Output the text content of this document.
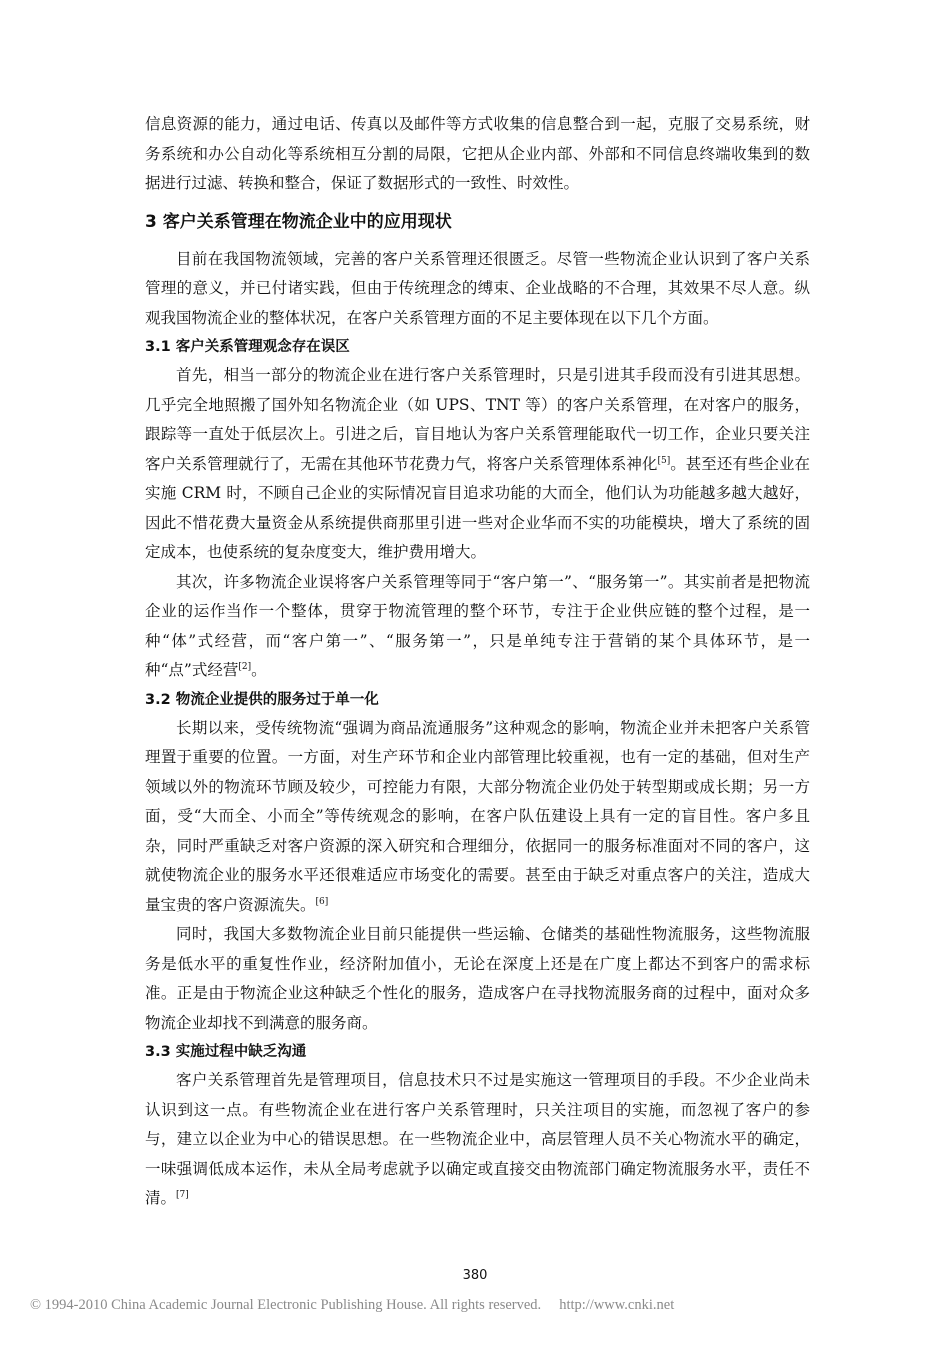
信息资源的能力，通过电话、传真以及邮件等方式收集的信息整合到一起，克服了交易系统，财务系统和办公自动化等系统相互分割的局限，它把从企业内部、外部和不同信息终端收集到的数据进行过滤、转换和整合，保证了数据形式的一致性、时效性。

3 客户关系管理在物流企业中的应用现状

目前在我国物流领域，完善的客户关系管理还很匮乏。尽管一些物流企业认识到了客户关系管理的意义，并已付诸实践，但由于传统理念的缚束、企业战略的不合理，其效果不尽人意。纵观我国物流企业的整体状况，在客户关系管理方面的不足主要体现在以下几个方面。

3.1 客户关系管理观念存在误区

首先，相当一部分的物流企业在进行客户关系管理时，只是引进其手段而没有引进其思想。几乎完全地照搬了国外知名物流企业（如 UPS、TNT 等）的客户关系管理，在对客户的服务，跟踪等一直处于低层次上。引进之后，盲目地认为客户关系管理能取代一切工作，企业只要关注客户关系管理就行了，无需在其他环节花费力气，将客户关系管理体系神化[5]。甚至还有些企业在实施 CRM 时，不顾自己企业的实际情况盲目追求功能的大而全，他们认为功能越多越大越好，因此不惜花费大量资金从系统提供商那里引进一些对企业华而不实的功能模块，增大了系统的固定成本，也使系统的复杂度变大，维护费用增大。

其次，许多物流企业误将客户关系管理等同于“客户第一”、“服务第一”。其实前者是把物流企业的运作当作一个整体，贯穿于物流管理的整个环节，专注于企业供应链的整个过程，是一种“体”式经营，而“客户第一”、“服务第一”，只是单纯专注于营销的某个具体环节，是一种“点”式经营[2]。

3.2 物流企业提供的服务过于单一化

长期以来，受传统物流“强调为商品流通服务”这种观念的影响，物流企业并未把客户关系管理置于重要的位置。一方面，对生产环节和企业内部管理比较重视，也有一定的基础，但对生产领域以外的物流环节顾及较少，可控能力有限，大部分物流企业仍处于转型期或成长期；另一方面，受“大而全、小而全”等传统观念的影响，在客户队伍建设上具有一定的盲目性。客户多且杂，同时严重缺乏对客户资源的深入研究和合理细分，依据同一的服务标准面对不同的客户，这就使物流企业的服务水平还很难适应市场变化的需要。甚至由于缺乏对重点客户的关注，造成大量宝贵的客户资源流失。[6]

同时，我国大多数物流企业目前只能提供一些运输、仓储类的基础性物流服务，这些物流服务是低水平的重复性作业，经济附加值小，无论在深度上还是在广度上都达不到客户的需求标准。正是由于物流企业这种缺乏个性化的服务，造成客户在寻找物流服务商的过程中，面对众多物流企业却找不到满意的服务商。

3.3 实施过程中缺乏沟通

客户关系管理首先是管理项目，信息技术只不过是实施这一管理项目的手段。不少企业尚未认识到这一点。有些物流企业在进行客户关系管理时，只关注项目的实施，而忽视了客户的参与，建立以企业为中心的错误思想。在一些物流企业中，高层管理人员不关心物流水平的确定，一味强调低成本运作，未从全局考虑就予以确定或直接交由物流部门确定物流服务水平，责任不清。[7]

380
© 1994-2010 China Academic Journal Electronic Publishing House. All rights reserved. http://www.cnki.net
